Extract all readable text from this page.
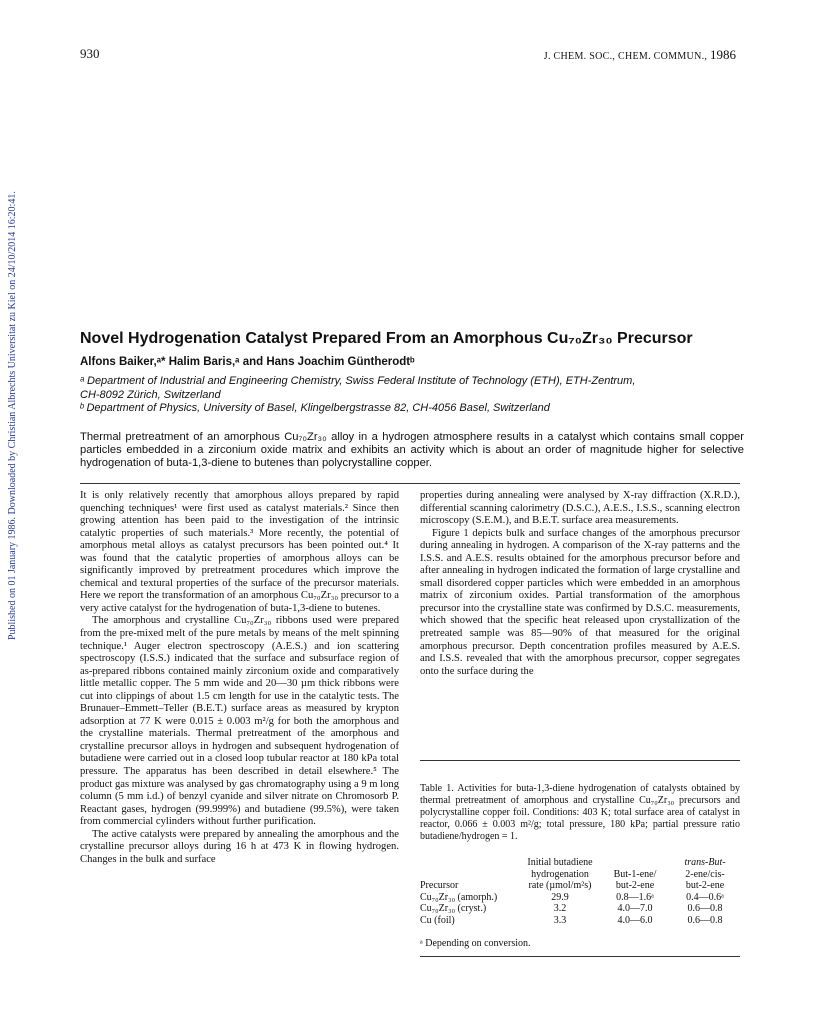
930	J. CHEM. SOC., CHEM. COMMUN., 1986
Published on 01 January 1986. Downloaded by Christian Albrechts Universitat zu Kiel on 24/10/2014 16:20:41.	Novel Hydrogenation Catalyst Prepared From an Amorphous Cu₇₀Zr₃₀ Precursor
Alfons Baiker,ᵃ* Halim Baris,ᵃ and Hans Joachim Güntherodtᵇ
ᵃ Department of Industrial and Engineering Chemistry, Swiss Federal Institute of Technology (ETH), ETH-Zentrum,
CH-8092 Zürich, Switzerland
ᵇ Department of Physics, University of Basel, Klingelbergstrasse 82, CH-4056 Basel, Switzerland
Thermal pretreatment of an amorphous Cu₇₀Zr₃₀ alloy in a hydrogen atmosphere results in a catalyst which contains small copper particles embedded in a zirconium oxide matrix and exhibits an activity which is about an order of magnitude higher for selective hydrogenation of buta-1,3-diene to butenes than polycrystalline copper.

It is only relatively recently that amorphous alloys prepared by rapid quenching techniques¹ were first used as catalyst materials.² Since then growing attention has been paid to the investigation of the intrinsic catalytic properties of such materials.³ More recently, the potential of amorphous metal alloys as catalyst precursors has been pointed out.⁴ It was found that the catalytic properties of amorphous alloys can be significantly improved by pretreatment procedures which improve the chemical and textural properties of the surface of the precursor materials. Here we report the transformation of an amorphous Cu₇₀Zr₃₀ precursor to a very active catalyst for the hydrogenation of buta-1,3-diene to butenes.

The amorphous and crystalline Cu₇₀Zr₃₀ ribbons used were prepared from the pre-mixed melt of the pure metals by means of the melt spinning technique.¹ Auger electron spectroscopy (A.E.S.) and ion scattering spectroscopy (I.S.S.) indicated that the surface and subsurface region of as-prepared ribbons contained mainly zirconium oxide and comparatively little metallic copper. The 5 mm wide and 20—30 µm thick ribbons were cut into clippings of about 1.5 cm length for use in the catalytic tests. The Brunauer–Emmett–Teller (B.E.T.) surface areas as measured by krypton adsorption at 77 K were 0.015 ± 0.003 m²/g for both the amorphous and the crystalline materials. Thermal pretreatment of the amorphous and crystalline precursor alloys in hydrogen and subsequent hydrogenation of butadiene were carried out in a closed loop tubular reactor at 180 kPa total pressure. The apparatus has been described in detail elsewhere.⁵ The product gas mixture was analysed by gas chromatography using a 9 m long column (5 mm i.d.) of benzyl cyanide and silver nitrate on Chromosorb P. Reactant gases, hydrogen (99.999%) and butadiene (99.5%), were taken from commercial cylinders without further purification.

The active catalysts were prepared by annealing the amorphous and the crystalline precursor alloys during 16 h at 473 K in flowing hydrogen. Changes in the bulk and surface

properties during annealing were analysed by X-ray diffraction (X.R.D.), differential scanning calorimetry (D.S.C.), A.E.S., I.S.S., scanning electron microscopy (S.E.M.), and B.E.T. surface area measurements.

Figure 1 depicts bulk and surface changes of the amorphous precursor during annealing in hydrogen. A comparison of the X-ray patterns and the I.S.S. and A.E.S. results obtained for the amorphous precursor before and after annealing in hydrogen indicated the formation of large crystalline and small disordered copper particles which were embedded in an amorphous matrix of zirconium oxides. Partial transformation of the amorphous precursor into the crystalline state was confirmed by D.S.C. measurements, which showed that the specific heat released upon crystallization of the pretreated sample was 85—90% of that measured for the original amorphous precursor. Depth concentration profiles measured by A.E.S. and I.S.S. revealed that with the amorphous precursor, copper segregates onto the surface during the

Table 1. Activities for buta-1,3-diene hydrogenation of catalysts obtained by thermal pretreatment of amorphous and crystalline Cu₇₀Zr₃₀ precursors and polycrystalline copper foil. Conditions: 403 K; total surface area of catalyst in reactor, 0.066 ± 0.003 m²/g; total pressure, 180 kPa; partial pressure ratio butadiene/hydrogen = 1.
	Initial butadiene		trans-But-
	hydrogenation	But-1-ene/	2-ene/cis-
Precursor	rate (µmol/m²s)	but-2-ene	but-2-ene
Cu₇₀Zr₃₀ (amorph.)	29.9	0.8—1.6ᵃ	0.4—0.6ᵃ
Cu₇₀Zr₃₀ (cryst.)	3.2	4.0—7.0	0.6—0.8
Cu (foil)	3.3	4.0—6.0	0.6—0.8
ᵃ Depending on conversion.
